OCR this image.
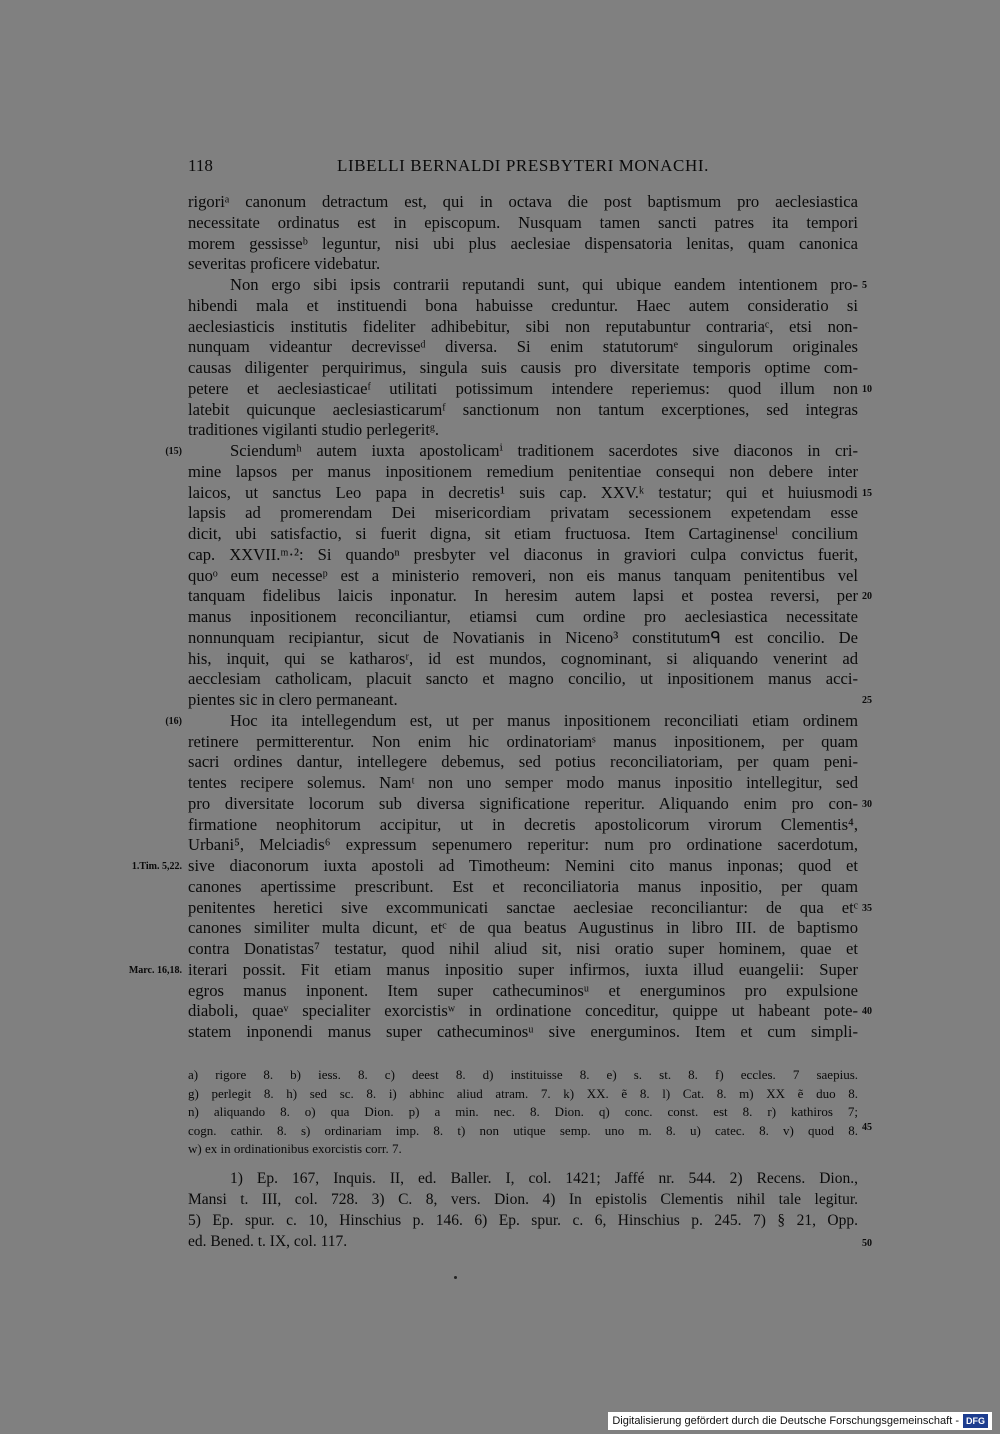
118	LIBELLI BERNALDI PRESBYTERI MONACHI.
rigoriᵃ canonum detractum est, qui in octava die post baptismum pro aeclesiastica
necessitate ordinatus est in episcopum. Nusquam tamen sancti patres ita tempori
morem gessisseᵇ leguntur, nisi ubi plus aeclesiae dispensatoria lenitas, quam canonica
severitas proficere videbatur.
Non ergo sibi ipsis contrarii reputandi sunt, qui ubique eandem intentionem pro-
hibendi mala et instituendi bona habuisse creduntur. Haec autem consideratio si
aeclesiasticis institutis fideliter adhibebitur, sibi non reputabuntur contrariaᶜ, etsi non-
nunquam videantur decrevisseᵈ diversa. Si enim statutorumᵉ singulorum originales
causas diligenter perquirimus, singula suis causis pro diversitate temporis optime com-
petere et aeclesiasticaeᶠ utilitati potissimum intendere reperiemus: quod illum non
latebit quicunque aeclesiasticarumᶠ sanctionum non tantum excerptiones, sed integras
traditiones vigilanti studio perlegeritᵍ.
Sciendumʰ autem iuxta apostolicamⁱ traditionem sacerdotes sive diaconos in cri-
mine lapsos per manus inpositionem remedium penitentiae consequi non debere inter
laicos, ut sanctus Leo papa in decretis¹ suis cap. XXV.ᵏ testatur; qui et huiusmodi
lapsis ad promerendam Dei misericordiam privatam secessionem expetendam esse
dicit, ubi satisfactio, si fuerit digna, sit etiam fructuosa. Item Cartaginenseˡ concilium
cap. XXVII.ᵐ·²: Si quandoⁿ presbyter vel diaconus in graviori culpa convictus fuerit,
quoᵒ eum necesseᵖ est a ministerio removeri, non eis manus tanquam penitentibus vel
tanquam fidelibus laicis inponatur. In heresim autem lapsi et postea reversi, per
manus inpositionem reconciliantur, etiamsi cum ordine pro aeclesiastica necessitate
nonnunquam recipiantur, sicut de Novatianis in Niceno³ constitutumᑫ est concilio. De
his, inquit, qui se katharosʳ, id est mundos, cognominant, si aliquando venerint ad
aecclesiam catholicam, placuit sancto et magno concilio, ut inpositionem manus acci-
pientes sic in clero permaneant.
Hoc ita intellegendum est, ut per manus inpositionem reconciliati etiam ordinem
retinere permitterentur. Non enim hic ordinatoriamˢ manus inpositionem, per quam
sacri ordines dantur, intellegere debemus, sed potius reconciliatoriam, per quam peni-
tentes recipere solemus. Namᵗ non uno semper modo manus inpositio intellegitur, sed
pro diversitate locorum sub diversa significatione reperitur. Aliquando enim pro con-
firmatione neophitorum accipitur, ut in decretis apostolicorum virorum Clementis⁴,
Urbani⁵, Melciadis⁶ expressum sepenumero reperitur: num pro ordinatione sacerdotum,
sive diaconorum iuxta apostoli ad Timotheum: Nemini cito manus inponas; quod et
canones apertissime prescribunt. Est et reconciliatoria manus inpositio, per quam
penitentes heretici sive excommunicati sanctae aeclesiae reconciliantur: de qua etᶜ
canones similiter multa dicunt, etᶜ de qua beatus Augustinus in libro III. de baptismo
contra Donatistas⁷ testatur, quod nihil aliud sit, nisi oratio super hominem, quae et
iterari possit. Fit etiam manus inpositio super infirmos, iuxta illud euangelii: Super
egros manus inponent. Item super cathecuminosᵘ et energuminos pro expulsione
diaboli, quaeᵛ specialiter exorcistisʷ in ordinatione conceditur, quippe ut habeant pote-
statem inponendi manus super cathecuminosᵘ sive energuminos. Item et cum simpli-
5
10
15
20
25
30
35
40
(15)
(16)
1.Tim. 5,22.
Marc. 16,18.
a) rigore 8. b) iess. 8. c) deest 8. d) instituisse 8. e) s. st. 8. f) eccles. 7 saepius.
g) perlegit 8. h) sed sc. 8. i) abhinc aliud atram. 7. k) XX. ẽ 8. l) Cat. 8. m) XX ẽ duo 8.
n) aliquando 8. o) qua Dion. p) a min. nec. 8. Dion. q) conc. const. est 8. r) kathiros 7;
cogn. cathir. 8. s) ordinariam imp. 8. t) non utique semp. uno m. 8. u) catec. 8. v) quod 8.
w) ex in ordinationibus exorcistis corr. 7.
45
1) Ep. 167, Inquis. II, ed. Baller. I, col. 1421; Jaffé nr. 544. 2) Recens. Dion.,
Mansi t. III, col. 728. 3) C. 8, vers. Dion. 4) In epistolis Clementis nihil tale legitur.
5) Ep. spur. c. 10, Hinschius p. 146. 6) Ep. spur. c. 6, Hinschius p. 245. 7) § 21, Opp.
ed. Bened. t. IX, col. 117.	50
Digitalisierung gefördert durch die Deutsche Forschungsgemeinschaft - DFG
